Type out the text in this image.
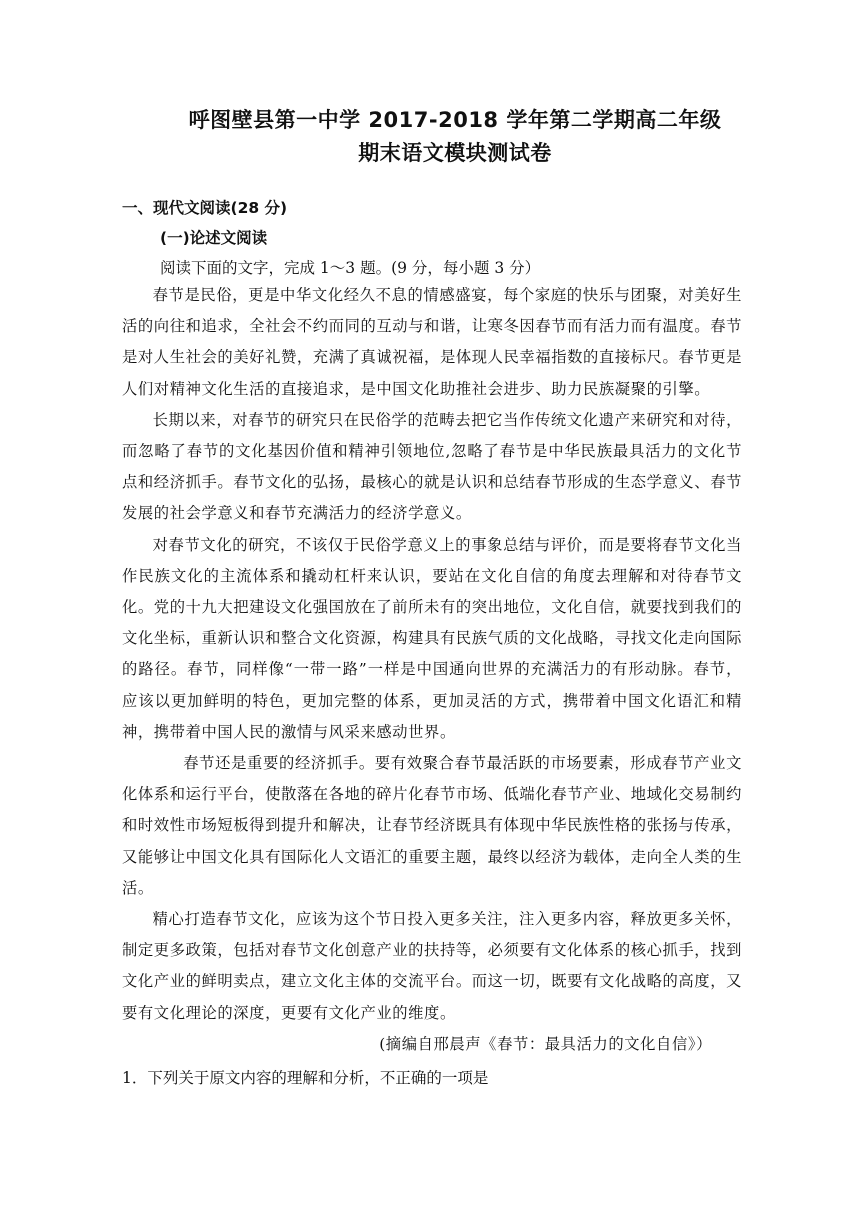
呼图壁县第一中学 2017-2018 学年第二学期高二年级
期末语文模块测试卷
一、现代文阅读(28 分)
(一)论述文阅读
阅读下面的文字，完成 1～3 题。(9 分，每小题 3 分）

春节是民俗，更是中华文化经久不息的情感盛宴，每个家庭的快乐与团聚，对美好生活的向往和追求，全社会不约而同的互动与和谐，让寒冬因春节而有活力而有温度。春节是对人生社会的美好礼赞，充满了真诚祝福，是体现人民幸福指数的直接标尺。春节更是人们对精神文化生活的直接追求，是中国文化助推社会进步、助力民族凝聚的引擎。

长期以来，对春节的研究只在民俗学的范畴去把它当作传统文化遗产来研究和对待，而忽略了春节的文化基因价值和精神引领地位,忽略了春节是中华民族最具活力的文化节点和经济抓手。春节文化的弘扬，最核心的就是认识和总结春节形成的生态学意义、春节发展的社会学意义和春节充满活力的经济学意义。

对春节文化的研究，不该仅于民俗学意义上的事象总结与评价，而是要将春节文化当作民族文化的主流体系和撬动杠杆来认识，要站在文化自信的角度去理解和对待春节文化。党的十九大把建设文化强国放在了前所未有的突出地位，文化自信，就要找到我们的文化坐标，重新认识和整合文化资源，构建具有民族气质的文化战略，寻找文化走向国际的路径。春节，同样像“一带一路”一样是中国通向世界的充满活力的有形动脉。春节，应该以更加鲜明的特色，更加完整的体系，更加灵活的方式，携带着中国文化语汇和精神，携带着中国人民的激情与风采来感动世界。

春节还是重要的经济抓手。要有效聚合春节最活跃的市场要素，形成春节产业文化体系和运行平台，使散落在各地的碎片化春节市场、低端化春节产业、地域化交易制约和时效性市场短板得到提升和解决，让春节经济既具有体现中华民族性格的张扬与传承，又能够让中国文化具有国际化人文语汇的重要主题，最终以经济为载体，走向全人类的生活。

精心打造春节文化，应该为这个节日投入更多关注，注入更多内容，释放更多关怀，制定更多政策，包括对春节文化创意产业的扶持等，必须要有文化体系的核心抓手，找到文化产业的鲜明卖点，建立文化主体的交流平台。而这一切，既要有文化战略的高度，又要有文化理论的深度，更要有文化产业的维度。

(摘编自邢晨声《春节：最具活力的文化自信》）
1．下列关于原文内容的理解和分析，不正确的一项是
